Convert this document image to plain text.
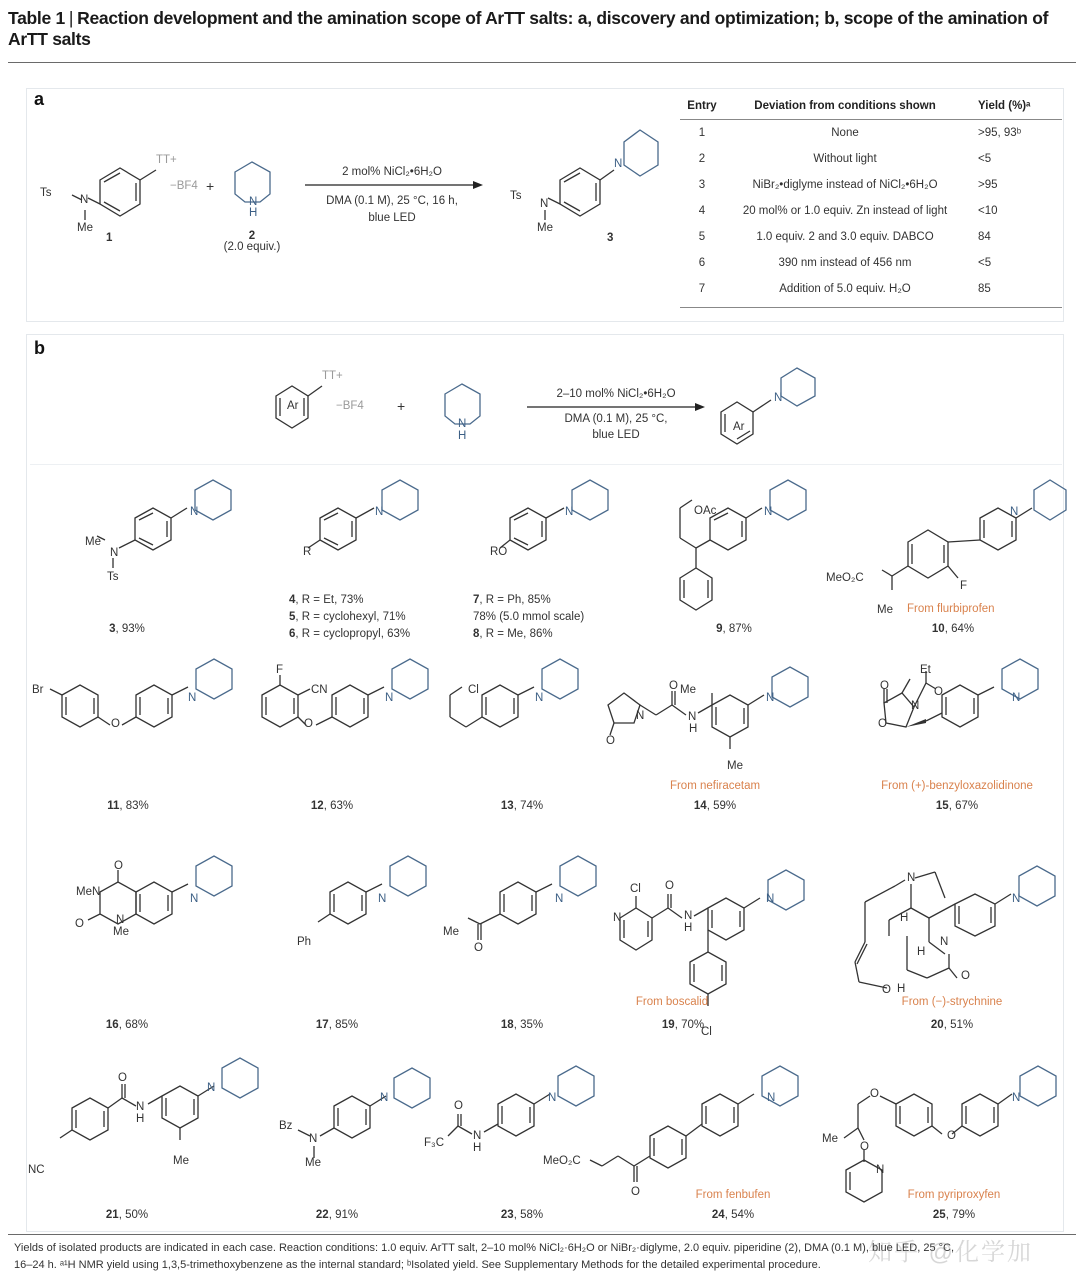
Table 1 | Reaction development and the amination scope of ArTT salts: a, discovery and optimization; b, scope of the amination of ArTT salts
a
Ts
N
Me
TT+
−BF4
1
+
N
H
2
(2.0 equiv.)
2 mol% NiCl₂•6H₂O
DMA (0.1 M), 25 °C, 16 h,
blue LED
Ts
N
Me
N
3
Entry	Deviation from conditions shown	Yield (%)ᵃ
1	None	>95, 93ᵇ
2	Without light	<5
3	NiBr₂•diglyme instead of NiCl₂•6H₂O	>95
4	20 mol% or 1.0 equiv. Zn instead of light	<10
5	1.0 equiv. 2 and 3.0 equiv. DABCO	84
6	390 nm instead of 456 nm	<5
7	Addition of 5.0 equiv. H₂O	85
b
Ar
TT+
−BF4 +
N
H
2–10 mol% NiCl₂•6H₂O
DMA (0.1 M), 25 °C,
blue LED
Ar
N
Me
N
Ts
N
3, 93%
R
N
4, R = Et, 73%
5, R = cyclohexyl, 71%
6, R = cyclopropyl, 63%
RO
N
7, R = Ph, 85%
78% (5.0 mmol scale)
8, R = Me, 86%
OAc	N
9, 87%
MeO₂C
Me
F
N
From flurbiprofen
10, 64%
Br
O
N
11, 83%
F
CN
O
N
12, 63%
Cl
N
13, 74%
Me
Me
O
N
O
N
H
N
From nefiracetam
14, 59%
Et
O
N
O
O	N
From (+)-benzyloxazolidinone
15, 67%
O
MeN
O	N
Me
N
16, 68%
Ph
N
17, 85%
Me
O
N
18, 35%
Cl O
N	N
H
Cl
N
From boscalid
19, 70%
N
H
H
N
O
O
H
N
From (−)-strychnine
20, 51%
O
N
H
Me
NC
N
21, 50%
Bz
N
Me
N
22, 91%
O
F₃C
N
H
N
23, 58%
MeO₂C
O
N
From fenbufen
24, 54%
O
Me
O
N
O
N
From pyriproxyfen
25, 79%
Yields of isolated products are indicated in each case. Reaction conditions: 1.0 equiv. ArTT salt, 2–10 mol% NiCl₂·6H₂O or NiBr₂·diglyme, 2.0 equiv. piperidine (2), DMA (0.1 M), blue LED, 25 °C,
16–24 h. ᵃ¹H NMR yield using 1,3,5-trimethoxybenzene as the internal standard; ᵇIsolated yield. See Supplementary Methods for the detailed experimental procedure.	知乎 @化学加
